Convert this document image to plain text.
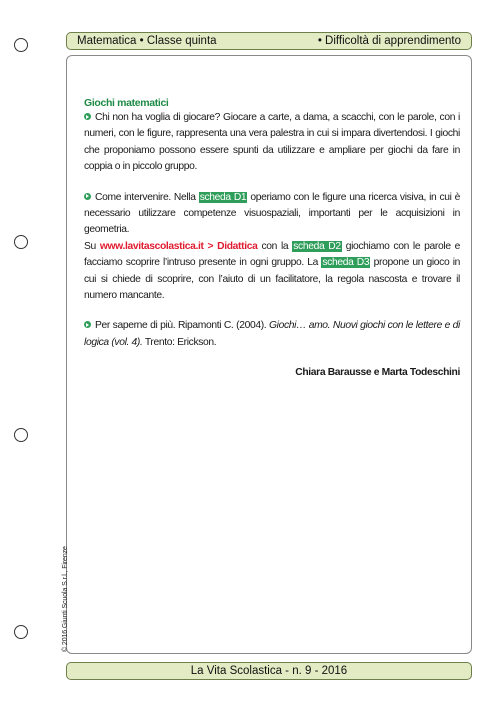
Matematica • Classe quinta	• Difficoltà di apprendimento

Giochi matematici

Chi non ha voglia di giocare? Giocare a carte, a dama, a scacchi, con le parole, con i numeri, con le figure, rappresenta una vera palestra in cui si impara divertendosi. I giochi che proponiamo possono essere spunti da utilizzare e ampliare per giochi da fare in coppia o in piccolo gruppo.

Come intervenire. Nella scheda D1 operiamo con le figure una ricerca visiva, in cui è necessario utilizzare competenze visuospaziali, importanti per le acquisizioni in geometria.

Su www.lavitascolastica.it > Didattica con la scheda D2 giochiamo con le parole e facciamo scoprire l’intruso presente in ogni gruppo. La scheda D3 propone un gioco in cui si chiede di scoprire, con l’aiuto di un facilitatore, la regola nascosta e trovare il numero mancante.

Per saperne di più. Ripamonti C. (2004). Giochi… amo. Nuovi giochi con le lettere e di logica (vol. 4). Trento: Erickson.

Chiara Barausse e Marta Todeschini

© 2016 Giunti Scuola S.r.l., Firenze
La Vita Scolastica - n. 9 - 2016
